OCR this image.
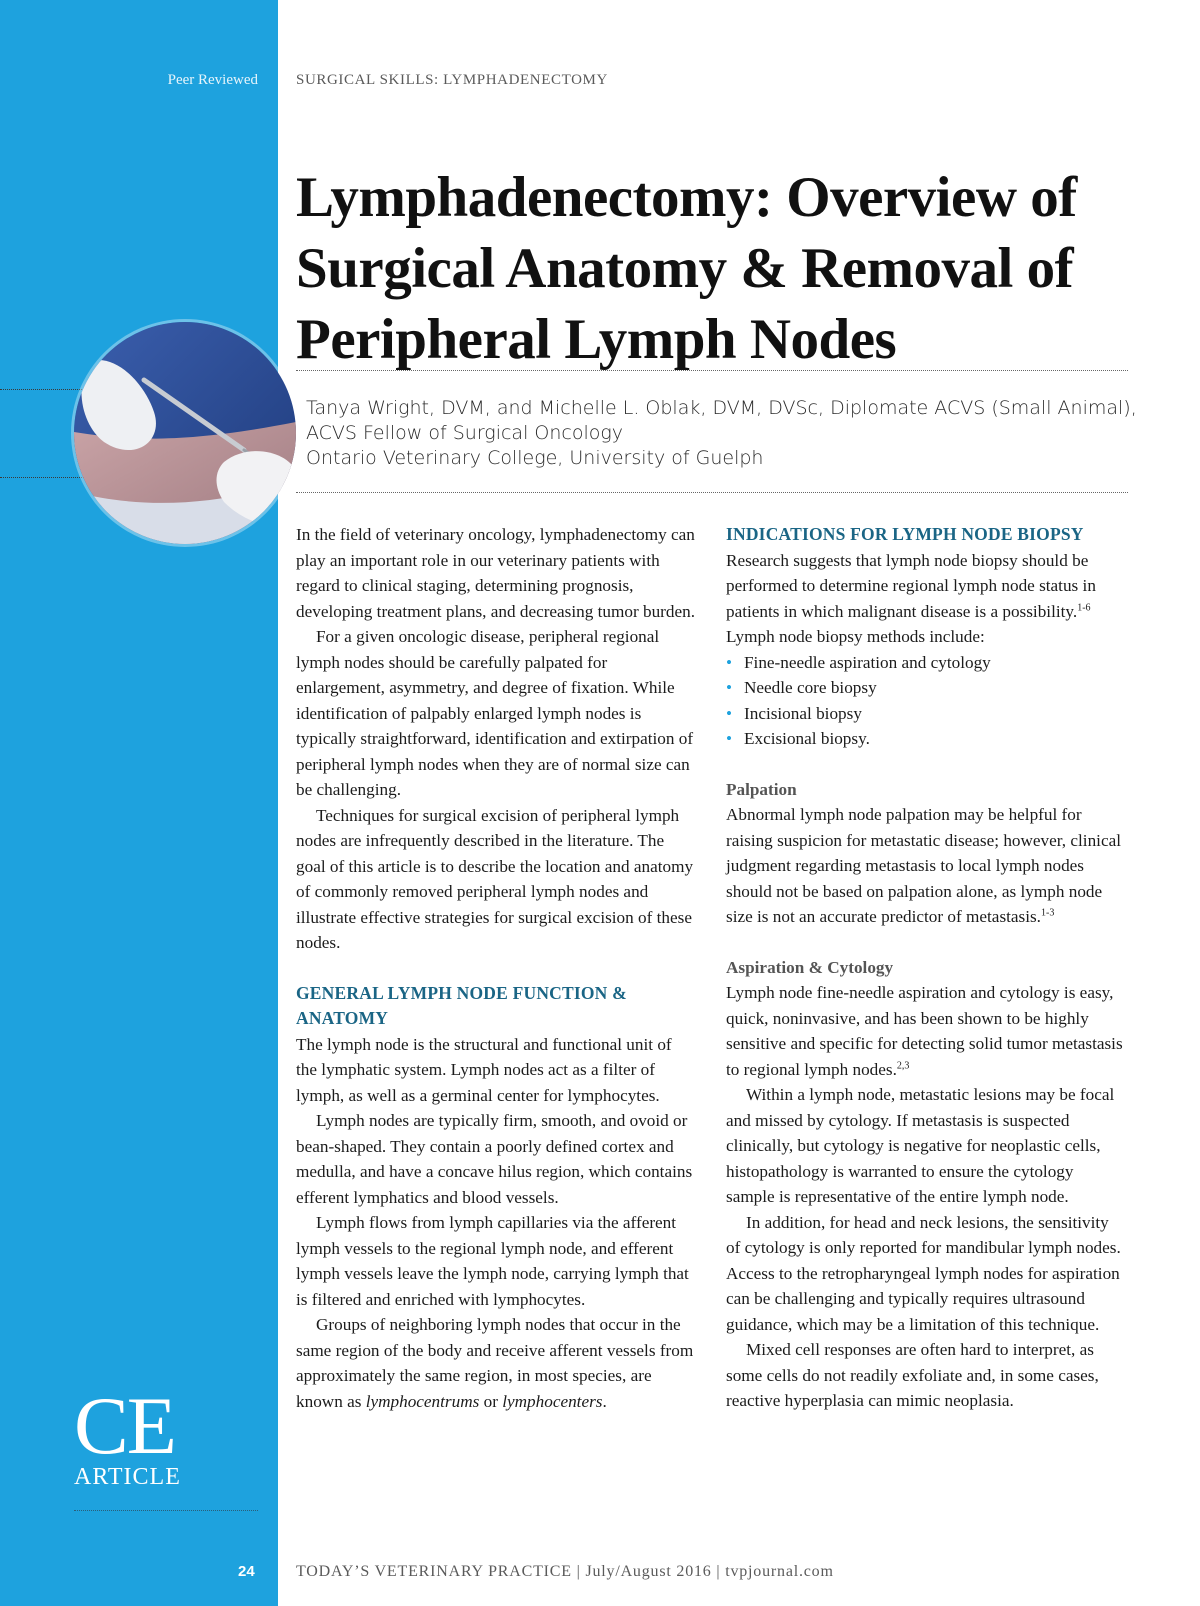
Peer Reviewed
CE
ARTICLE
24
SURGICAL SKILLS: LYMPHADENECTOMY
Lymphadenectomy: Overview of
Surgical Anatomy & Removal of
Peripheral Lymph Nodes
Tanya Wright, DVM, and Michelle L. Oblak, DVM, DVSc, Diplomate ACVS (Small Animal),
ACVS Fellow of Surgical Oncology
Ontario Veterinary College, University of Guelph

In the field of veterinary oncology, lymphadenectomy can play an important role in our veterinary patients with regard to clinical staging, determining prognosis, developing treatment plans, and decreasing tumor burden.

For a given oncologic disease, peripheral regional lymph nodes should be carefully palpated for enlargement, asymmetry, and degree of fixation. While identification of palpably enlarged lymph nodes is typically straightforward, identification and extirpation of peripheral lymph nodes when they are of normal size can be challenging.

Techniques for surgical excision of peripheral lymph nodes are infrequently described in the literature. The goal of this article is to describe the location and anatomy of commonly removed peripheral lymph nodes and illustrate effective strategies for surgical excision of these nodes.

GENERAL LYMPH NODE FUNCTION & ANATOMY

The lymph node is the structural and functional unit of the lymphatic system. Lymph nodes act as a filter of lymph, as well as a germinal center for lymphocytes.

Lymph nodes are typically firm, smooth, and ovoid or bean-shaped. They contain a poorly defined cortex and medulla, and have a concave hilus region, which contains efferent lymphatics and blood vessels.

Lymph flows from lymph capillaries via the afferent lymph vessels to the regional lymph node, and efferent lymph vessels leave the lymph node, carrying lymph that is filtered and enriched with lymphocytes.

Groups of neighboring lymph nodes that occur in the same region of the body and receive afferent vessels from approximately the same region, in most species, are known as lymphocentrums or lymphocenters.

INDICATIONS FOR LYMPH NODE BIOPSY

Research suggests that lymph node biopsy should be performed to determine regional lymph node status in patients in which malignant disease is a possibility.$^{1-6}$ Lymph node biopsy methods include:

• Fine-needle aspiration and cytology
• Needle core biopsy
• Incisional biopsy
• Excisional biopsy.

Palpation

Abnormal lymph node palpation may be helpful for raising suspicion for metastatic disease; however, clinical judgment regarding metastasis to local lymph nodes should not be based on palpation alone, as lymph node size is not an accurate predictor of metastasis.$^{1-3}$

Aspiration & Cytology

Lymph node fine-needle aspiration and cytology is easy, quick, noninvasive, and has been shown to be highly sensitive and specific for detecting solid tumor metastasis to regional lymph nodes.$^{2,3}$

Within a lymph node, metastatic lesions may be focal and missed by cytology. If metastasis is suspected clinically, but cytology is negative for neoplastic cells, histopathology is warranted to ensure the cytology sample is representative of the entire lymph node.

In addition, for head and neck lesions, the sensitivity of cytology is only reported for mandibular lymph nodes. Access to the retropharyngeal lymph nodes for aspiration can be challenging and typically requires ultrasound guidance, which may be a limitation of this technique.

Mixed cell responses are often hard to interpret, as some cells do not readily exfoliate and, in some cases, reactive hyperplasia can mimic neoplasia.

TODAY’S VETERINARY PRACTICE | July/August 2016 | tvpjournal.com
